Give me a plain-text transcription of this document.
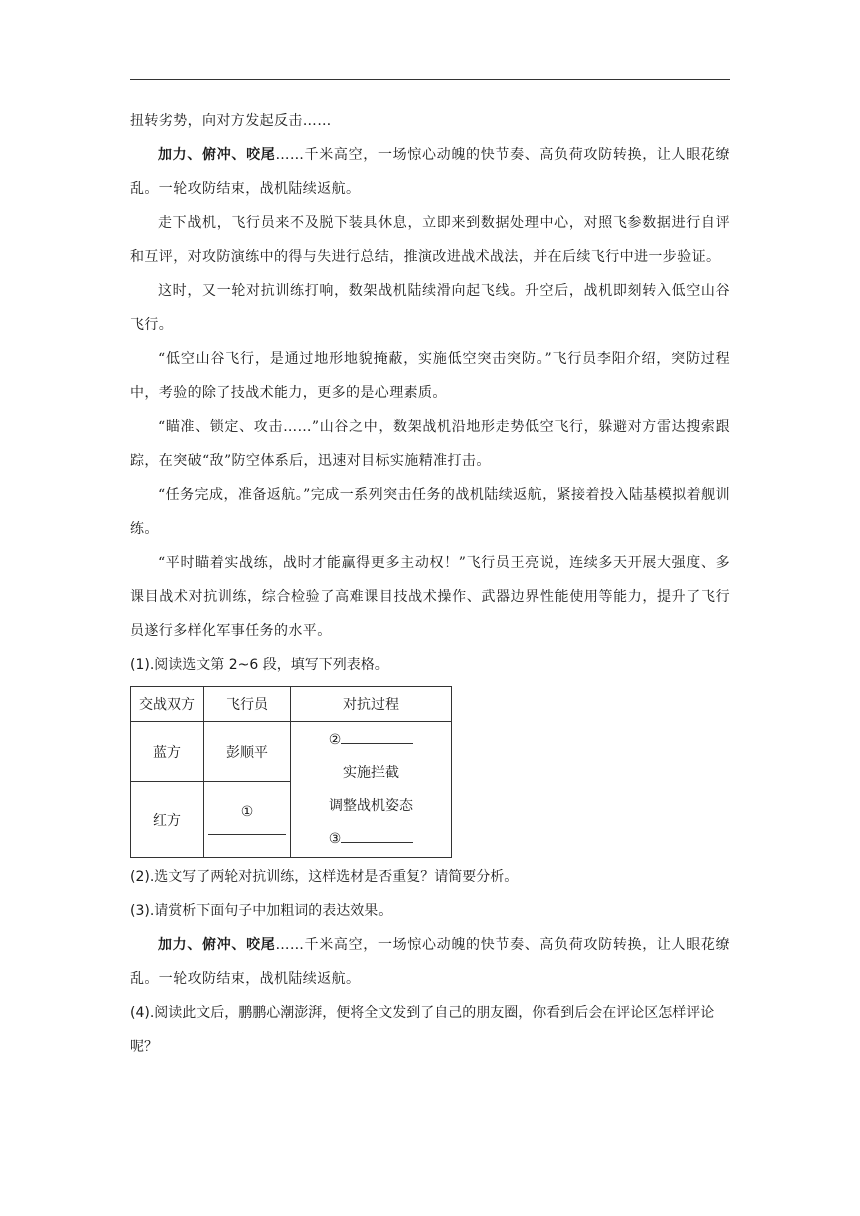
扭转劣势，向对方发起反击……

加力、俯冲、咬尾……千米高空，一场惊心动魄的快节奏、高负荷攻防转换，让人眼花缭乱。一轮攻防结束，战机陆续返航。

走下战机，飞行员来不及脱下装具休息，立即来到数据处理中心，对照飞参数据进行自评和互评，对攻防演练中的得与失进行总结，推演改进战术战法，并在后续飞行中进一步验证。

这时，又一轮对抗训练打响，数架战机陆续滑向起飞线。升空后，战机即刻转入低空山谷飞行。

“低空山谷飞行，是通过地形地貌掩蔽，实施低空突击突防。”飞行员李阳介绍，突防过程中，考验的除了技战术能力，更多的是心理素质。

“瞄准、锁定、攻击……”山谷之中，数架战机沿地形走势低空飞行，躲避对方雷达搜索跟踪，在突破“敌”防空体系后，迅速对目标实施精准打击。

“任务完成，准备返航。”完成一系列突击任务的战机陆续返航，紧接着投入陆基模拟着舰训练。

“平时瞄着实战练，战时才能赢得更多主动权！”飞行员王亮说，连续多天开展大强度、多课目战术对抗训练，综合检验了高难课目技战术操作、武器边界性能使用等能力，提升了飞行员遂行多样化军事任务的水平。

(1).阅读选文第 2~6 段，填写下列表格。

交战双方	飞行员	对抗过程
蓝方	彭顺平	②
实施拦截
调整战机姿态
③

红方	①	

(2).选文写了两轮对抗训练，这样选材是否重复？请简要分析。

(3).请赏析下面句子中加粗词的表达效果。

加力、俯冲、咬尾……千米高空，一场惊心动魄的快节奏、高负荷攻防转换，让人眼花缭乱。一轮攻防结束，战机陆续返航。

(4).阅读此文后，鹏鹏心潮澎湃，便将全文发到了自己的朋友圈，你看到后会在评论区怎样评论呢？
